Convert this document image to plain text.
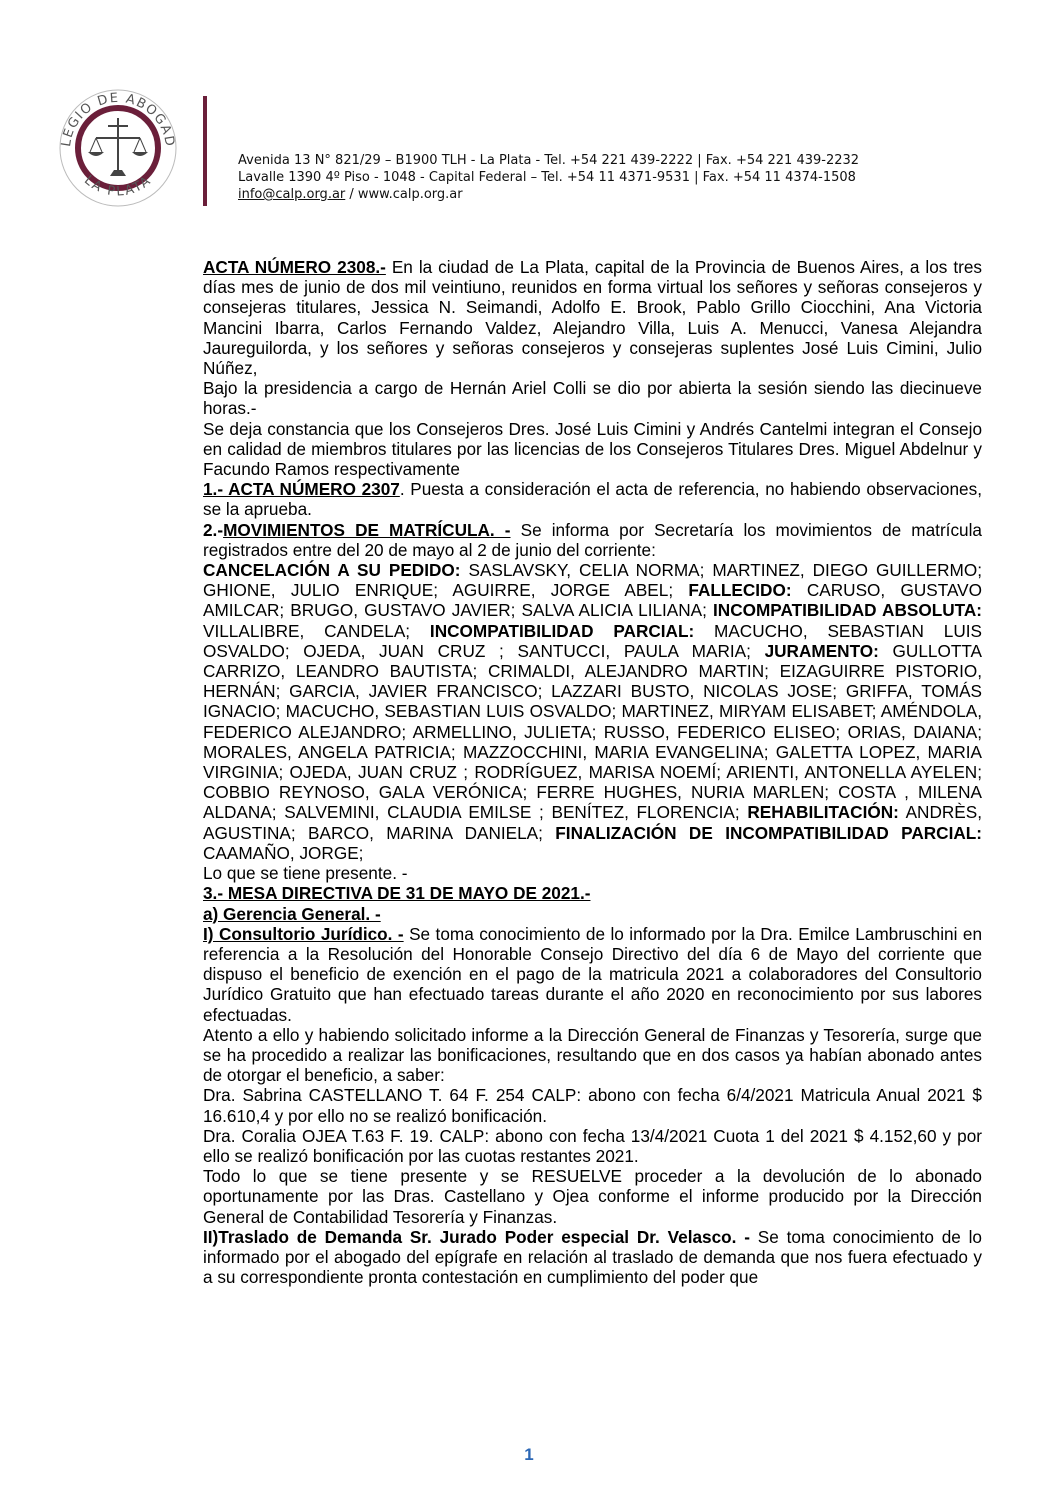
LEGIO DE ABOGAD
LA PLATA
Avenida 13 N° 821/29 – B1900 TLH - La Plata - Tel. +54 221 439-2222 | Fax. +54 221 439-2232
Lavalle 1390 4º Piso - 1048 - Capital Federal – Tel. +54 11 4371-9531 | Fax. +54 11 4374-1508
info@calp.org.ar / www.calp.org.ar

ACTA NÚMERO 2308.- En la ciudad de La Plata, capital de la Provincia de Buenos Aires, a los tres días mes de junio de dos mil veintiuno, reunidos en forma virtual los señores y señoras consejeros y consejeras titulares, Jessica N. Seimandi, Adolfo E. Brook, Pablo Grillo Ciocchini, Ana Victoria Mancini Ibarra, Carlos Fernando Valdez, Alejandro Villa, Luis A. Menucci, Vanesa Alejandra Jaureguilorda, y los señores y señoras consejeros y consejeras suplentes José Luis Cimini, Julio Núñez,

Bajo la presidencia a cargo de Hernán Ariel Colli se dio por abierta la sesión siendo las diecinueve horas.-

Se deja constancia que los Consejeros Dres. José Luis Cimini y Andrés Cantelmi integran el Consejo en calidad de miembros titulares por las licencias de los Consejeros Titulares Dres. Miguel Abdelnur y Facundo Ramos respectivamente

1.- ACTA NÚMERO 2307. Puesta a consideración el acta de referencia, no habiendo observaciones, se la aprueba.

2.-MOVIMIENTOS DE MATRÍCULA. - Se informa por Secretaría los movimientos de matrícula registrados entre del 20 de mayo al 2 de junio del corriente:

CANCELACIÓN A SU PEDIDO: SASLAVSKY, CELIA NORMA; MARTINEZ, DIEGO GUILLERMO; GHIONE, JULIO ENRIQUE; AGUIRRE, JORGE ABEL; FALLECIDO: CARUSO, GUSTAVO AMILCAR; BRUGO, GUSTAVO JAVIER; SALVA ALICIA LILIANA; INCOMPATIBILIDAD ABSOLUTA: VILLALIBRE, CANDELA; INCOMPATIBILIDAD PARCIAL: MACUCHO, SEBASTIAN LUIS OSVALDO; OJEDA, JUAN CRUZ ; SANTUCCI, PAULA MARIA; JURAMENTO: GULLOTTA CARRIZO, LEANDRO BAUTISTA; CRIMALDI, ALEJANDRO MARTIN; EIZAGUIRRE PISTORIO, HERNÁN; GARCIA, JAVIER FRANCISCO; LAZZARI BUSTO, NICOLAS JOSE; GRIFFA, TOMÁS IGNACIO; MACUCHO, SEBASTIAN LUIS OSVALDO; MARTINEZ, MIRYAM ELISABET; AMÉNDOLA, FEDERICO ALEJANDRO; ARMELLINO, JULIETA; RUSSO, FEDERICO ELISEO; ORIAS, DAIANA; MORALES, ANGELA PATRICIA; MAZZOCCHINI, MARIA EVANGELINA; GALETTA LOPEZ, MARIA VIRGINIA; OJEDA, JUAN CRUZ ; RODRÍGUEZ, MARISA NOEMÍ; ARIENTI, ANTONELLA AYELEN; COBBIO REYNOSO, GALA VERÓNICA; FERRE HUGHES, NURIA MARLEN; COSTA , MILENA ALDANA; SALVEMINI, CLAUDIA EMILSE ; BENÍTEZ, FLORENCIA; REHABILITACIÓN: ANDRÈS, AGUSTINA; BARCO, MARINA DANIELA; FINALIZACIÓN DE INCOMPATIBILIDAD PARCIAL: CAAMAÑO, JORGE;

Lo que se tiene presente. -

3.- MESA DIRECTIVA DE 31 DE MAYO DE 2021.-

a) Gerencia General. -

I) Consultorio Jurídico. - Se toma conocimiento de lo informado por la Dra. Emilce Lambruschini en referencia a la Resolución del Honorable Consejo Directivo del día 6 de Mayo del corriente que dispuso el beneficio de exención en el pago de la matricula 2021 a colaboradores del Consultorio Jurídico Gratuito que han efectuado tareas durante el año 2020 en reconocimiento por sus labores efectuadas.

Atento a ello y habiendo solicitado informe a la Dirección General de Finanzas y Tesorería, surge que se ha procedido a realizar las bonificaciones, resultando que en dos casos ya habían abonado antes de otorgar el beneficio, a saber:

Dra. Sabrina CASTELLANO T. 64 F. 254 CALP: abono con fecha 6/4/2021 Matricula Anual 2021 $ 16.610,4 y por ello no se realizó bonificación.

Dra. Coralia OJEA T.63 F. 19. CALP: abono con fecha 13/4/2021 Cuota 1 del 2021 $ 4.152,60 y por ello se realizó bonificación por las cuotas restantes 2021.

Todo lo que se tiene presente y se RESUELVE proceder a la devolución de lo abonado oportunamente por las Dras. Castellano y Ojea conforme el informe producido por la Dirección General de Contabilidad Tesorería y Finanzas.

II)Traslado de Demanda Sr. Jurado Poder especial Dr. Velasco. - Se toma conocimiento de lo informado por el abogado del epígrafe en relación al traslado de demanda que nos fuera efectuado y a su correspondiente pronta contestación en cumplimiento del poder que

1
